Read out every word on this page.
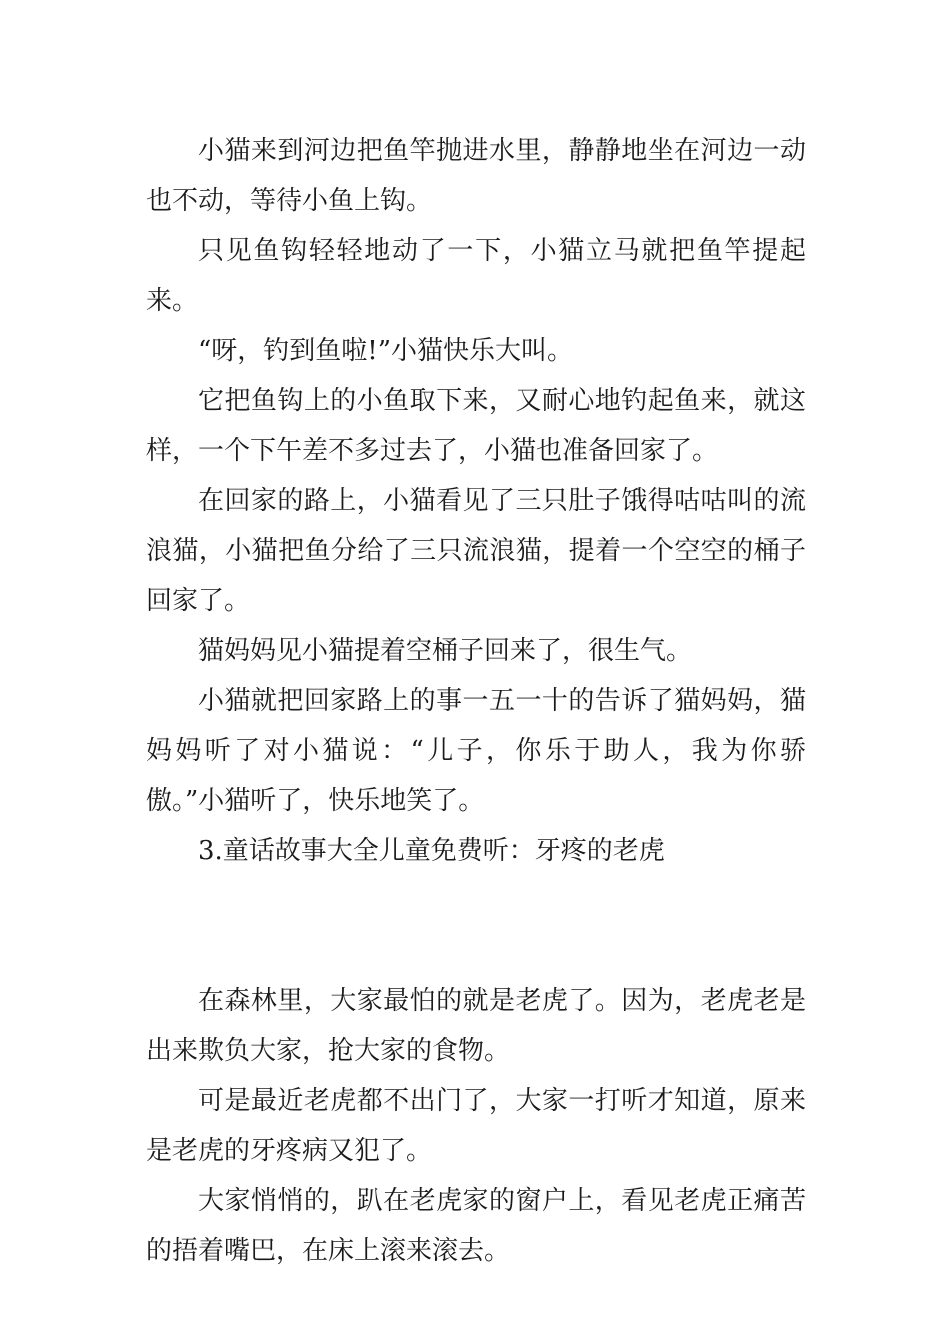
小猫来到河边把鱼竿抛进水里，静静地坐在河边一动也不动，等待小鱼上钩。

只见鱼钩轻轻地动了一下，小猫立马就把鱼竿提起来。

“呀，钓到鱼啦!”小猫快乐大叫。

它把鱼钩上的小鱼取下来，又耐心地钓起鱼来，就这样，一个下午差不多过去了，小猫也准备回家了。

在回家的路上，小猫看见了三只肚子饿得咕咕叫的流浪猫，小猫把鱼分给了三只流浪猫，提着一个空空的桶子回家了。

猫妈妈见小猫提着空桶子回来了，很生气。

小猫就把回家路上的事一五一十的告诉了猫妈妈，猫妈妈听了对小猫说：“儿子，你乐于助人，我为你骄傲。”小猫听了，快乐地笑了。

3.童话故事大全儿童免费听：牙疼的老虎

在森林里，大家最怕的就是老虎了。因为，老虎老是出来欺负大家，抢大家的食物。

可是最近老虎都不出门了，大家一打听才知道，原来是老虎的牙疼病又犯了。

大家悄悄的，趴在老虎家的窗户上，看见老虎正痛苦的捂着嘴巴，在床上滚来滚去。
